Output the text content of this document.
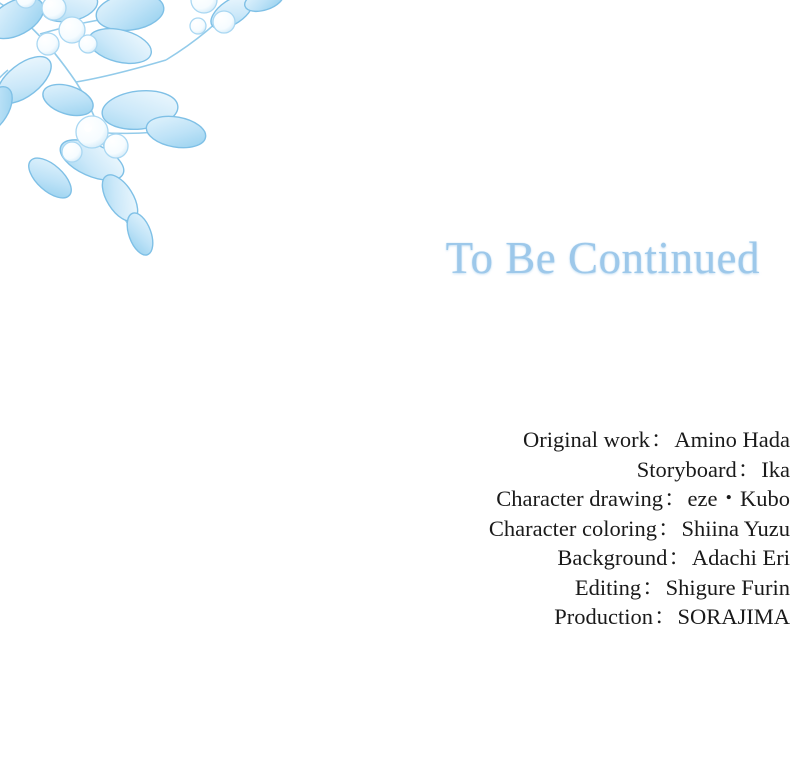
To Be Continued
Original work：Amino Hada
Storyboard：Ika
Character drawing：eze・Kubo
Character coloring：Shiina Yuzu
Background：Adachi Eri
Editing：Shigure Furin
Production：SORAJIMA
